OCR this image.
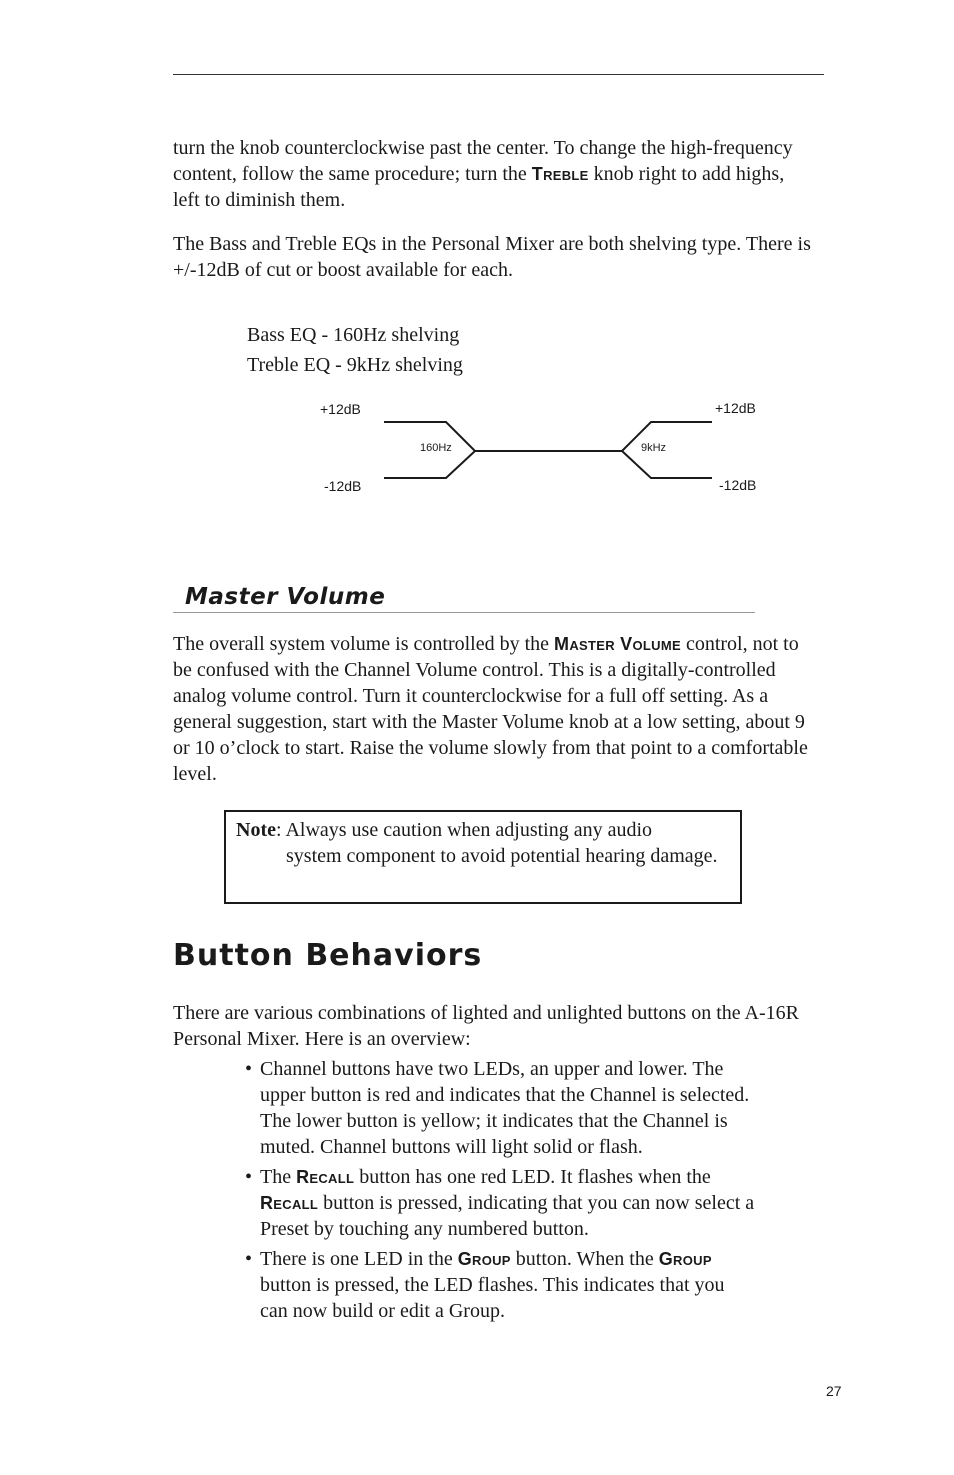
turn the knob counterclockwise past the center. To change the high-frequency content, follow the same procedure; turn the Treble knob right to add highs, left to diminish them.

The Bass and Treble EQs in the Personal Mixer are both shelving type. There is +/-12dB of cut or boost available for each.

Bass EQ - 160Hz shelving
Treble EQ - 9kHz shelving
+12dB
-12dB
+12dB
-12dB
160Hz	9kHz
Master Volume

The overall system volume is controlled by the Master Volume control, not to be confused with the Channel Volume control. This is a digitally-controlled analog volume control. Turn it counterclockwise for a full off setting. As a general suggestion, start with the Master Volume knob at a low setting, about 9 or 10 o’clock to start. Raise the volume slowly from that point to a comfortable level.

Note: Always use caution when adjusting any audio
system component to avoid potential hearing damage.

Button Behaviors

There are various combinations of lighted and unlighted buttons on the A-16R Personal Mixer. Here is an overview:

• Channel buttons have two LEDs, an upper and lower. The upper button is red and indicates that the Channel is selected. The lower button is yellow; it indicates that the Channel is muted. Channel buttons will light solid or flash.
• The Recall button has one red LED. It flashes when the Recall button is pressed, indicating that you can now select a Preset by touching any numbered button.
• There is one LED in the Group button. When the Group button is pressed, the LED flashes. This indicates that you can now build or edit a Group.
27
